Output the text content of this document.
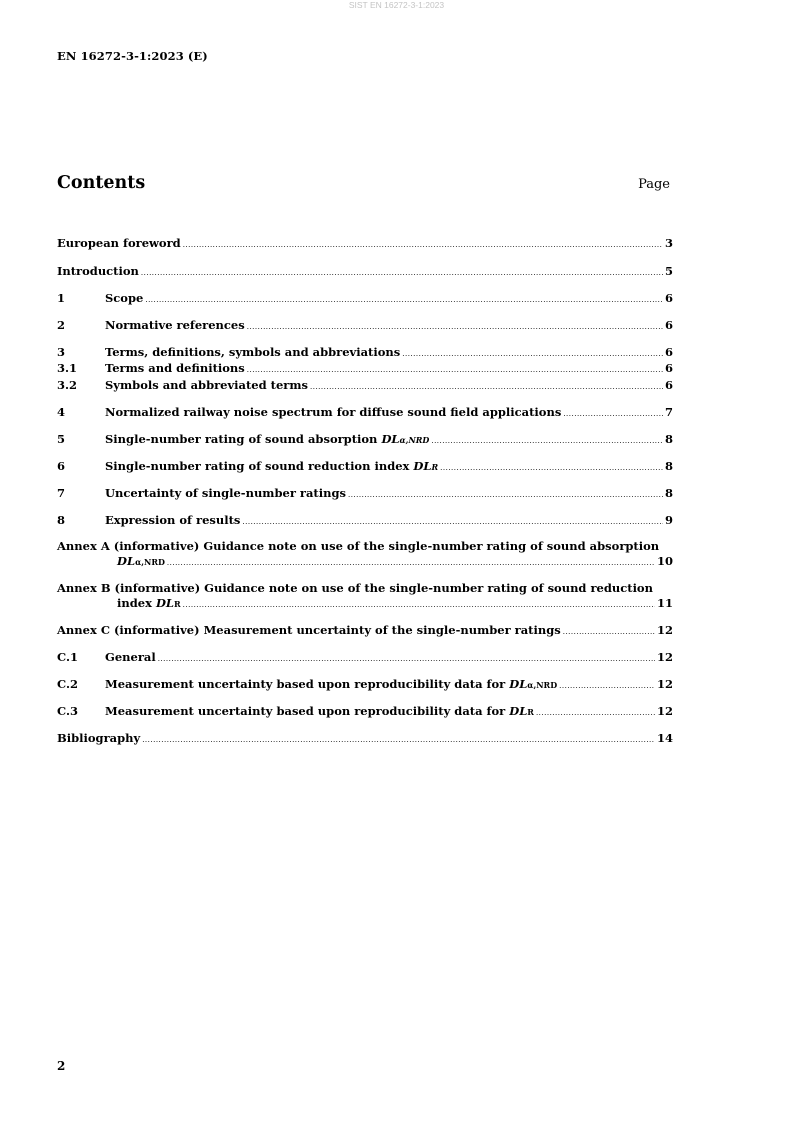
SIST EN 16272-3-1:2023
EN 16272-3-1:2023 (E)
Contents	Page
European foreword .....	3
Introduction .....	5
1	Scope .....	6
2	Normative references .....	6
3	Terms, definitions, symbols and abbreviations .....	6
3.1	Terms and definitions .....	6
3.2	Symbols and abbreviated terms .....	6
4	Normalized railway noise spectrum for diffuse sound field applications .....	7
5	Single-number rating of sound absorption DLα,NRD .....	8
6	Single-number rating of sound reduction index DLR .....	8
7	Uncertainty of single-number ratings .....	8
8	Expression of results .....	9
Annex A (informative) Guidance note on use of the single-number rating of sound absorption
DLα,NRD .....	10
Annex B (informative) Guidance note on use of the single-number rating of sound reduction
index DLR .....	11
Annex C (informative) Measurement uncertainty of the single-number ratings .....	12
C.1	General .....	12
C.2	Measurement uncertainty based upon reproducibility data for DLα,NRD .....	12
C.3	Measurement uncertainty based upon reproducibility data for DLR .....	12
Bibliography .....	14
2
